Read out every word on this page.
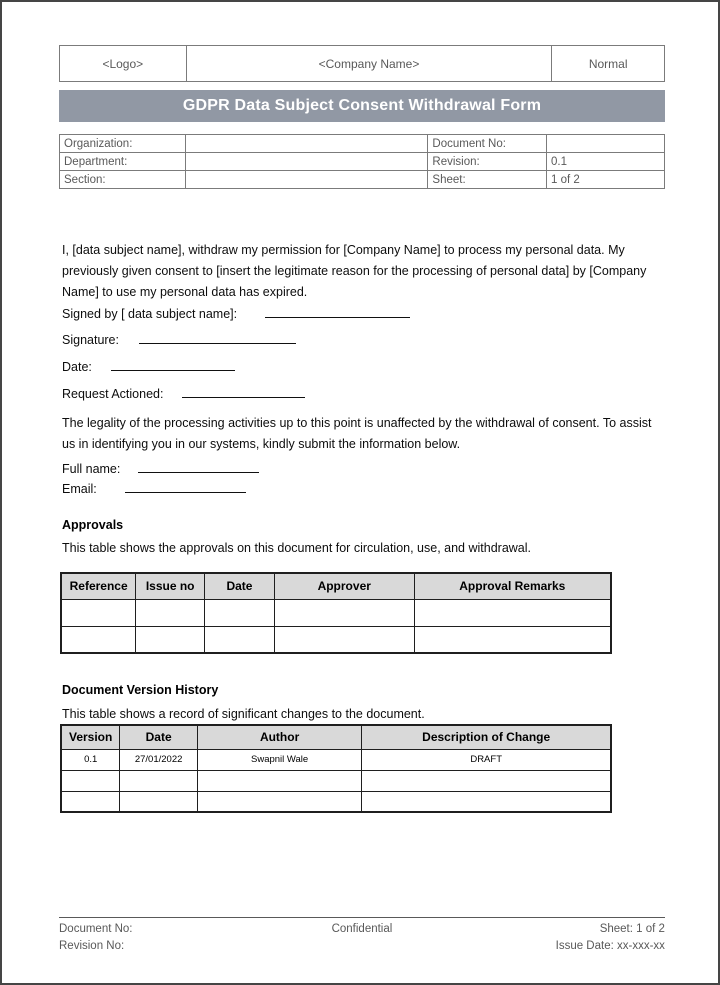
<Logo>	<Company Name>	Normal
GDPR Data Subject Consent Withdrawal Form
Organization:		Document No:	
Department:		Revision:	0.1
Section:		Sheet:	1 of 2

I, [data subject name], withdraw my permission for [Company Name] to process my personal data. My previously given consent to [insert the legitimate reason for the processing of personal data] by [Company Name] to use my personal data has expired.

Signed by [ data subject name]:
Signature:
Date:
Request Actioned:

The legality of the processing activities up to this point is unaffected by the withdrawal of consent. To assist us in identifying you in our systems, kindly submit the information below.

Full name:
Email:
Approvals
This table shows the approvals on this document for circulation, use, and withdrawal.
Reference	Issue no	Date	Approver	Approval Remarks

Document Version History
This table shows a record of significant changes to the document.
Version	Date	Author	Description of Change
0.1	27/01/2022	Swapnil Wale	DRAFT

Document No:
Revision No:
Confidential	Sheet: 1 of 2
Issue Date: xx-xxx-xx
